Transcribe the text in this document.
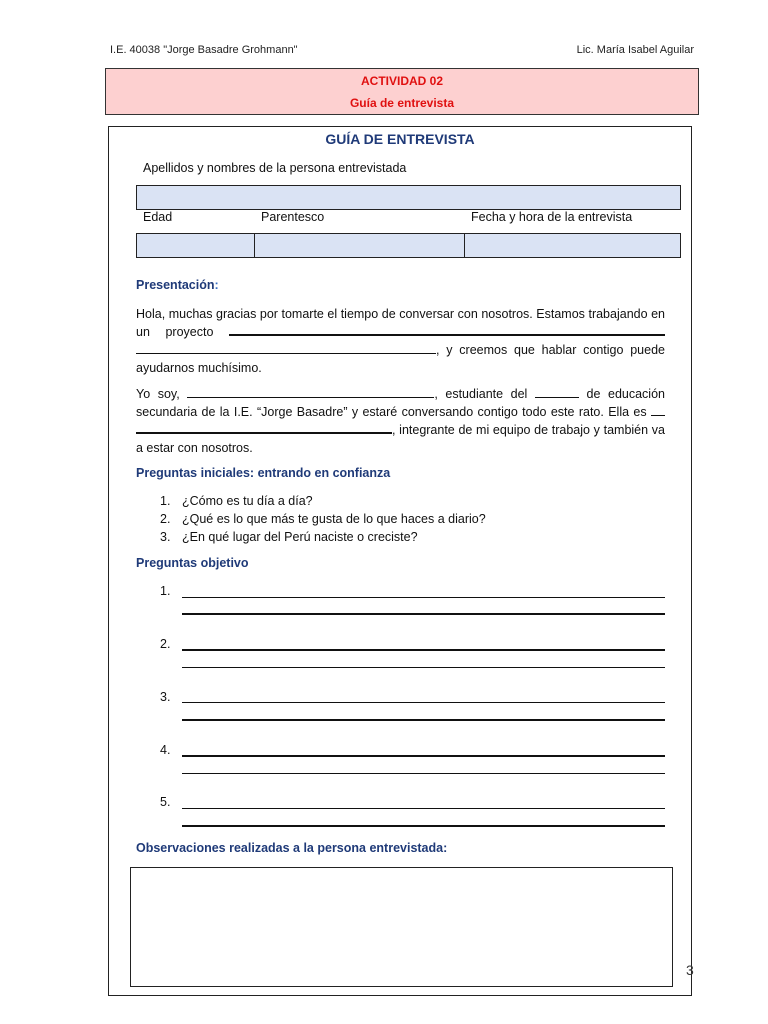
I.E. 40038 "Jorge Basadre Grohmann"	Lic. María Isabel Aguilar
ACTIVIDAD 02
Guía de entrevista
GUÍA DE ENTREVISTA
Apellidos y nombres de la persona entrevistada
Edad	Parentesco	Fecha y hora de la entrevista
Presentación:
Hola, muchas gracias por tomarte el tiempo de conversar con nosotros. Estamos trabajando en un proyecto  , y creemos que hablar contigo puede ayudarnos muchísimo.
Yo soy,	, estudiante del	de educación secundaria de la I.E. “Jorge Basadre” y estaré conversando contigo todo este rato. Ella es  , integrante de mi equipo de trabajo y también va a estar con nosotros.
Preguntas iniciales: entrando en confianza
1. ¿Cómo es tu día a día?
2. ¿Qué es lo que más te gusta de lo que haces a diario?
3. ¿En qué lugar del Perú naciste o creciste?
Preguntas objetivo
1.
2.
3.
4.
5.
Observaciones realizadas a la persona entrevistada:
3
